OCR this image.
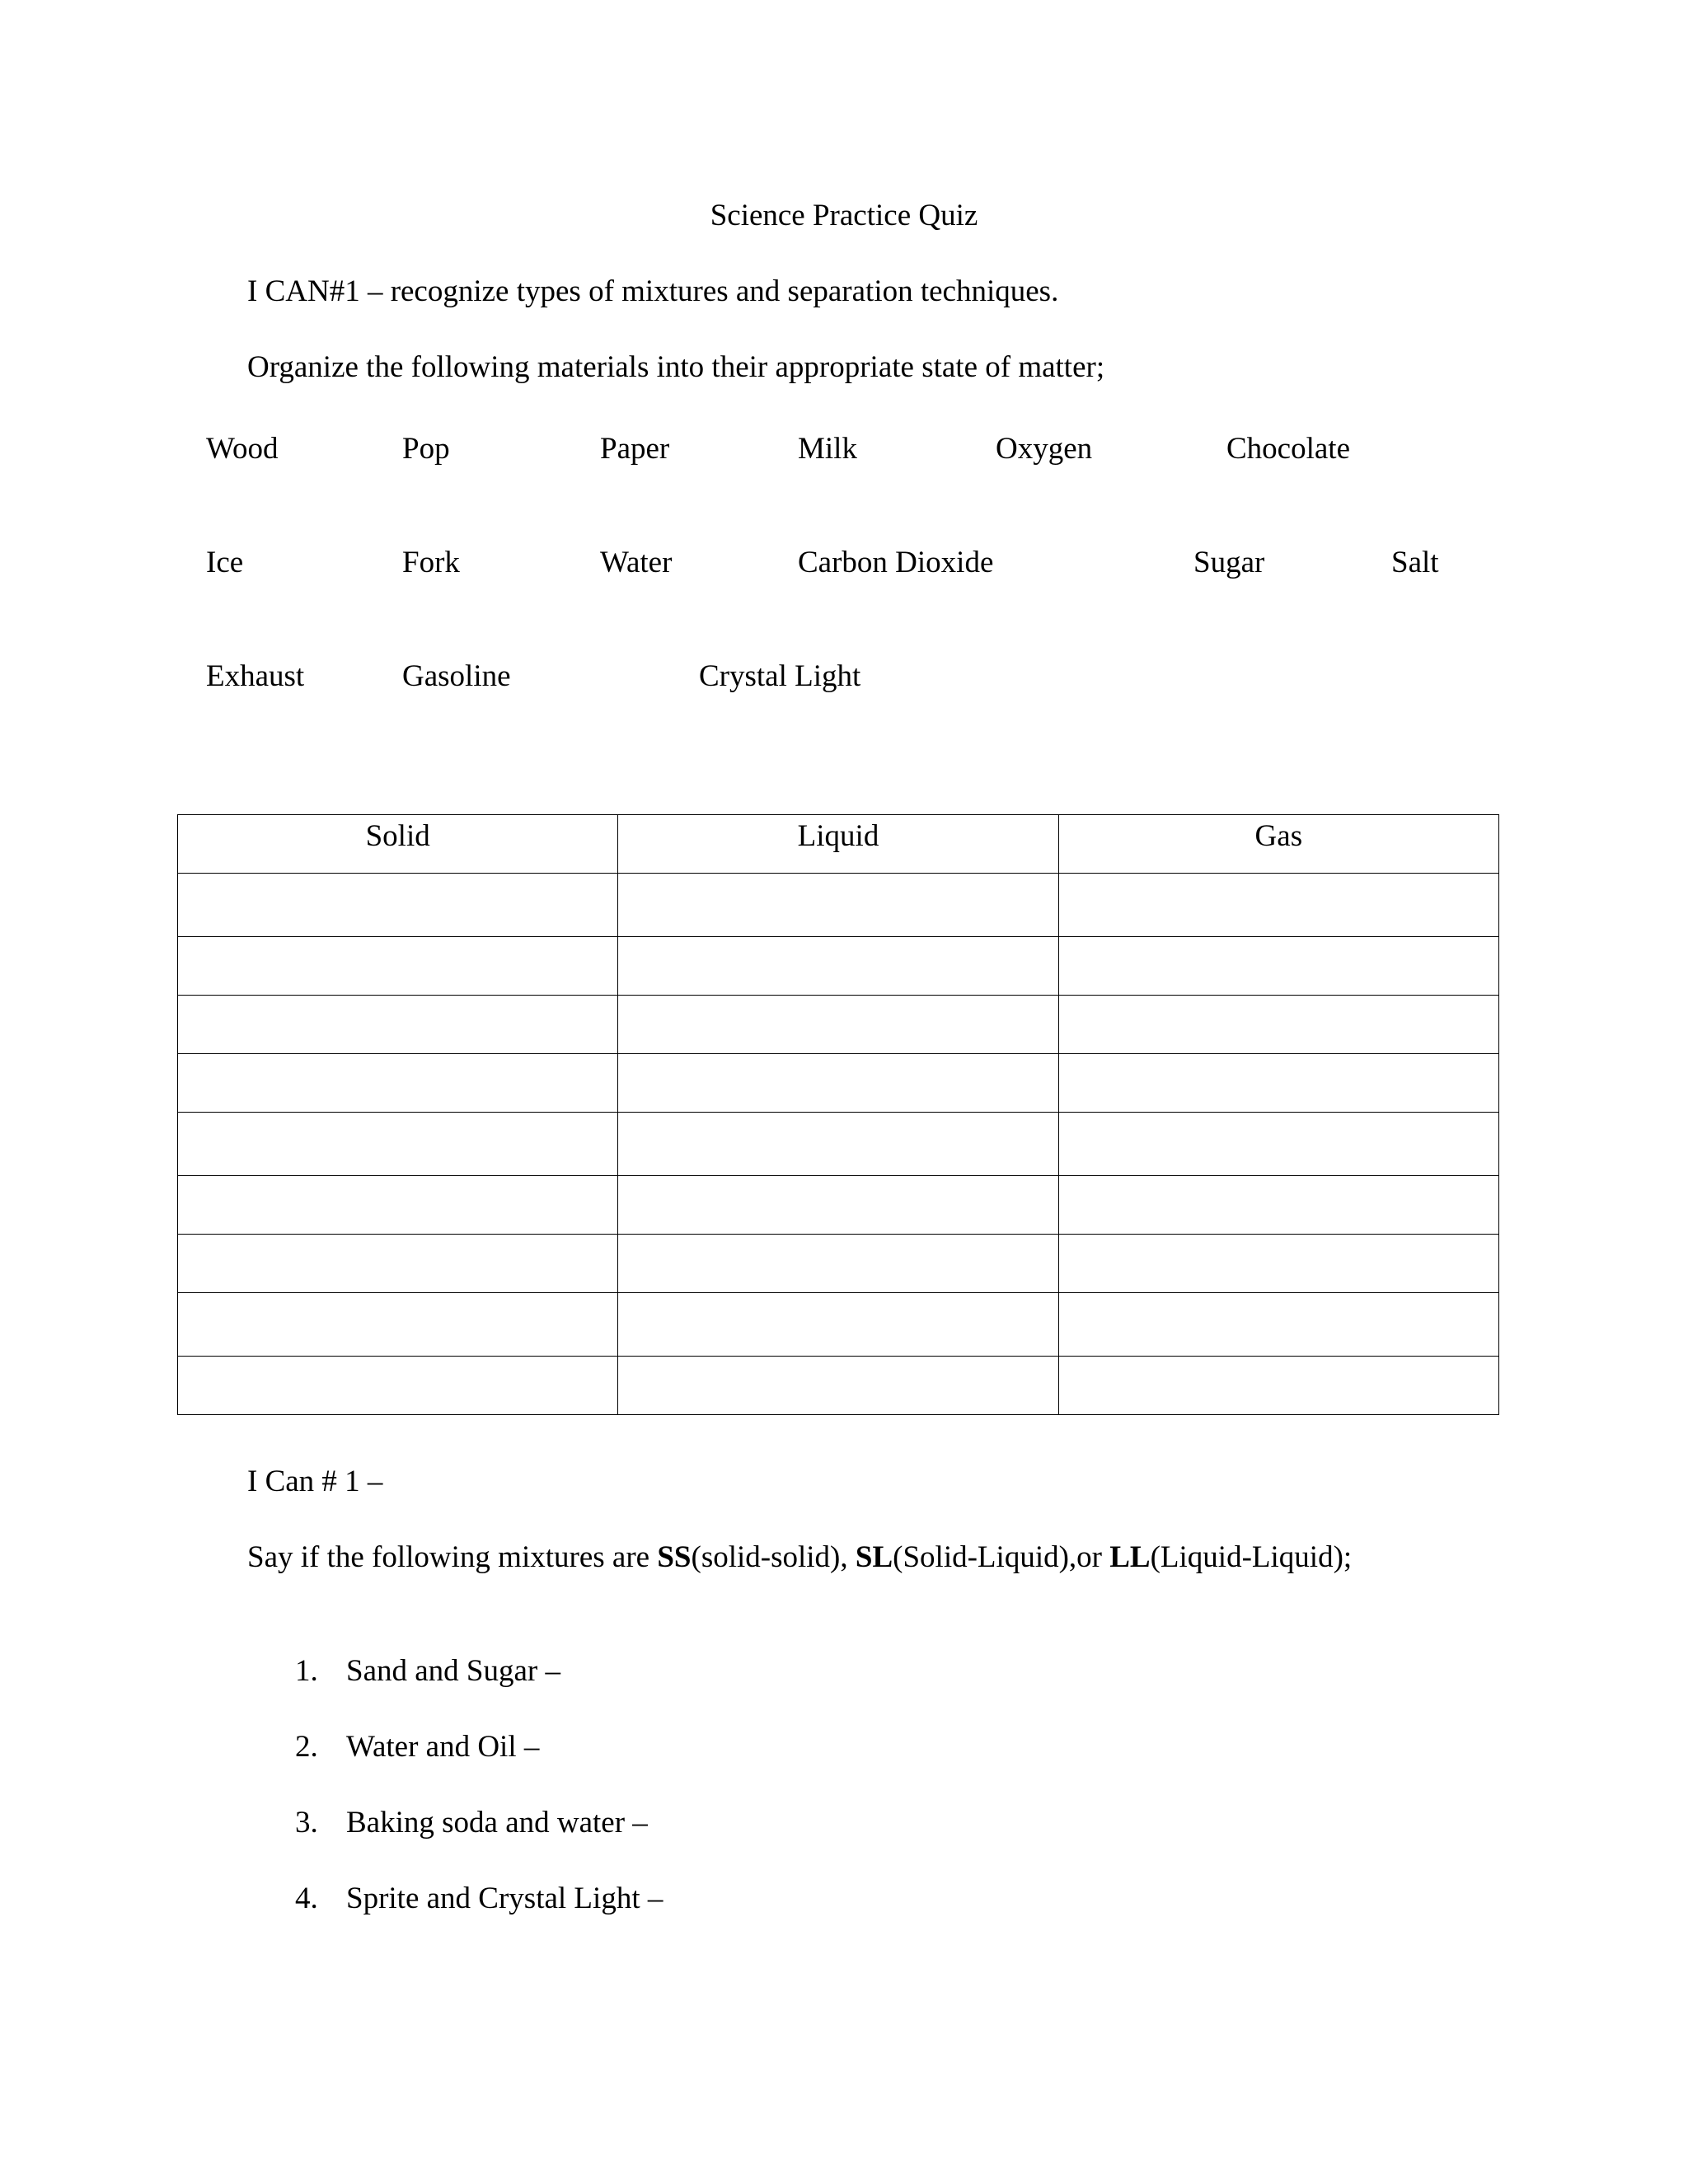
Science Practice Quiz
I CAN#1 – recognize types of mixtures and separation techniques.
Organize the following materials into their appropriate state of matter;
Wood	Pop	Paper	Milk	Oxygen	Chocolate
Ice	Fork	Water	Carbon Dioxide	Sugar	Salt
Exhaust	Gasoline	Crystal Light
Solid	Liquid	Gas

I Can # 1 –
Say if the following mixtures are SS(solid-solid), SL(Solid-Liquid),or LL(Liquid-Liquid);
1. Sand and Sugar –
2. Water and Oil –
3. Baking soda and water –
4. Sprite and Crystal Light –
